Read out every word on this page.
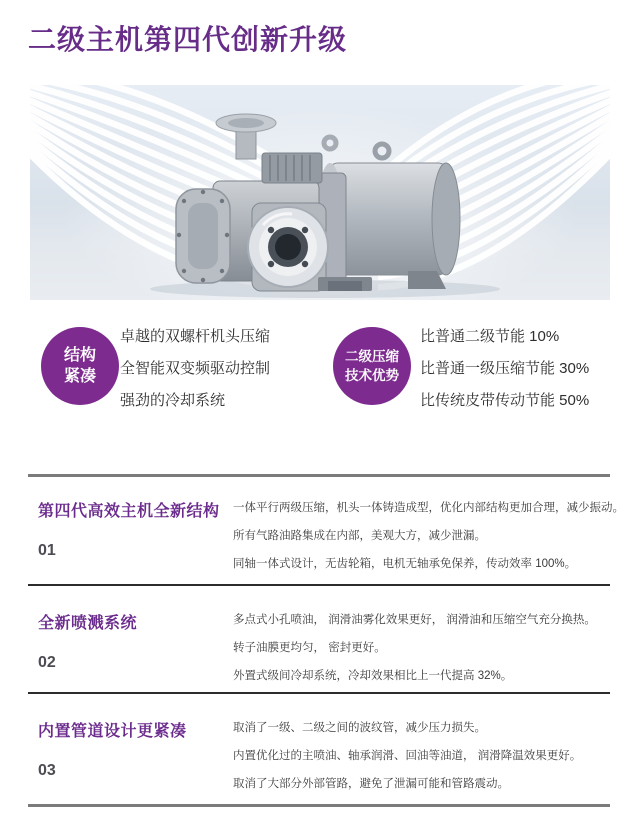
二级主机第四代创新升级
结构
紧凑
卓越的双螺杆机头压缩
全智能双变频驱动控制
强劲的冷却系统
二级压缩
技术优势
比普通二级节能 10%
比普通一级压缩节能 30%
比传统皮带传动节能 50%
第四代高效主机全新结构
01
一体平行两级压缩，机头一体铸造成型，优化内部结构更加合理，减少振动。
所有气路油路集成在内部，美观大方，减少泄漏。
同轴一体式设计，无齿轮箱，电机无轴承免保养，传动效率 100%。
全新喷溅系统
02
多点式小孔喷油， 润滑油雾化效果更好， 润滑油和压缩空气充分换热。
转子油膜更均匀， 密封更好。
外置式级间冷却系统，冷却效果相比上一代提高 32%。
内置管道设计更紧凑
03
取消了一级、二级之间的波纹管，减少压力损失。
内置优化过的主喷油、轴承润滑、回油等油道， 润滑降温效果更好。
取消了大部分外部管路，避免了泄漏可能和管路震动。
